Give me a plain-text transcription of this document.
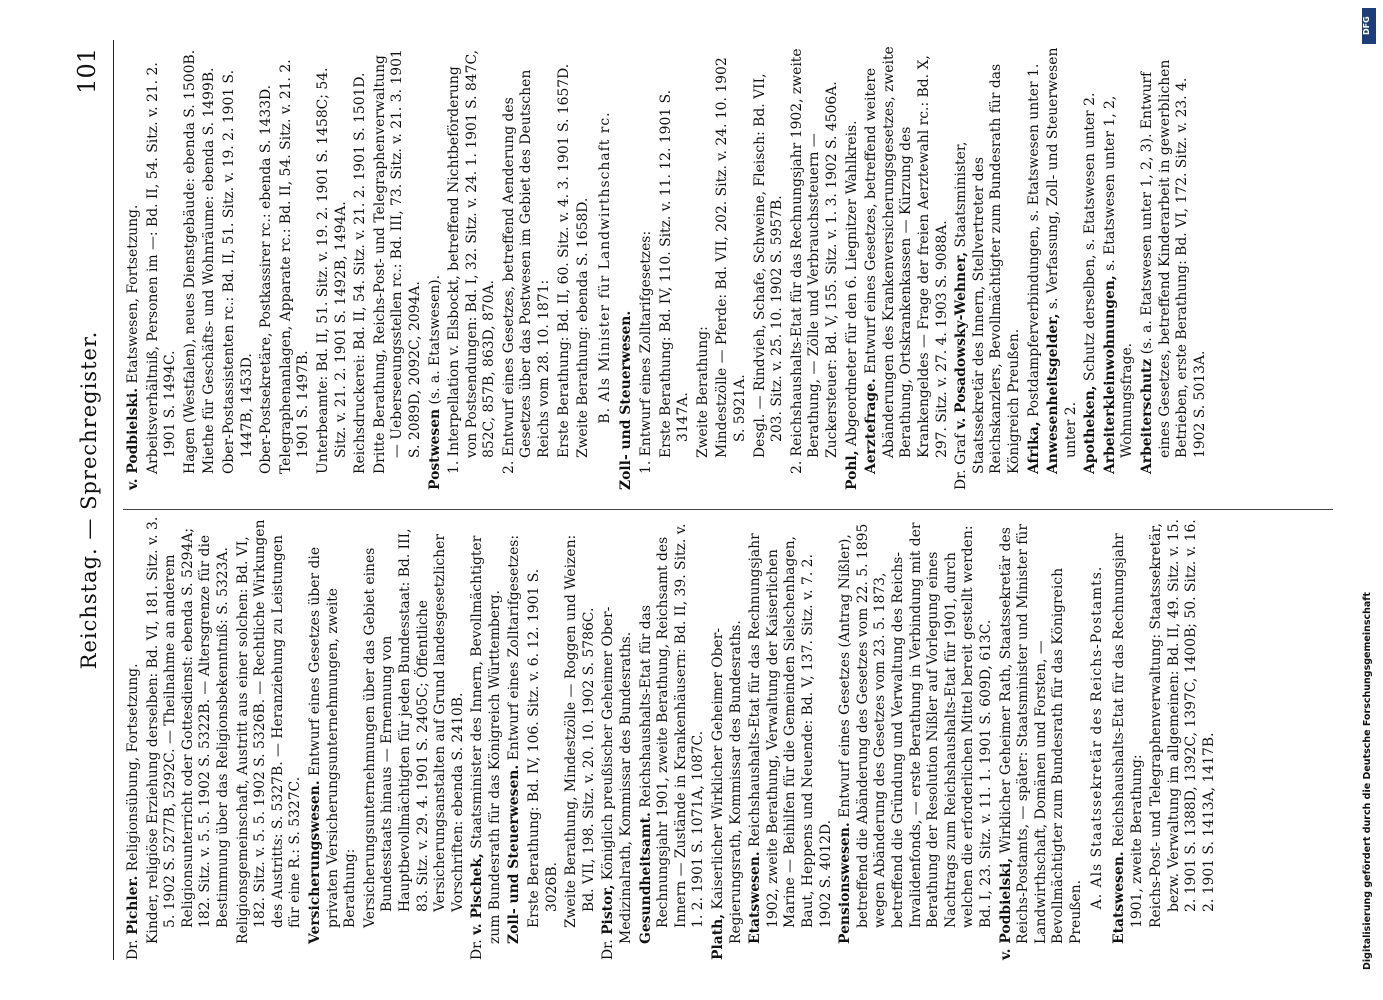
Reichstag. — Sprechregister.
101

Dr. Pichler. Religionsübung, Fortsetzung. Kinder, religiöse Erziehung derselben: Bd. VI, 181. Sitz. v. 3. 5. 1902 S. 5277B, 5292C. — Theilnahme an anderem Religionsunterricht oder Gottesdienst: ebenda S. 5294A; 182. Sitz. v. 5. 5. 1902 S. 5322B. — Altersgrenze für die Bestimmung über das Religionsbekenntniß: S. 5323A. Religionsgemeinschaft, Austritt aus einer solchen: Bd. VI, 182. Sitz. v. 5. 5. 1902 S. 5326B. — Rechtliche Wirkungen des Austritts: S. 5327B. — Heranziehung zu Leistungen für eine R.: S. 5327C. Versicherungswesen. Entwurf eines Gesetzes über die privaten Versicherungsunternehmungen, zweite Berathung: Versicherungsunternehmungen über das Gebiet eines Bundesstaats hinaus — Ernennung von Hauptbevollmächtigten für jeden Bundesstaat: Bd. III, 83. Sitz. v. 29. 4. 1901 S. 2405C; Öffentliche Versicherungsanstalten auf Grund landesgesetzlicher Vorschriften: ebenda S. 2410B.

Dr. v. Pischek, Staatsminister des Innern, Bevollmächtigter zum Bundesrath für das Königreich Württemberg. Zoll- und Steuerwesen. Entwurf eines Zolltarifgesetzes: Erste Berathung: Bd. IV, 106. Sitz. v. 6. 12. 1901 S. 3026B. Zweite Berathung, Mindestzölle — Roggen und Weizen: Bd. VII, 198. Sitz. v. 20. 10. 1902 S. 5786C.

Dr. Pistor, Königlich preußischer Geheimer Ober-Medizinalrath, Kommissar des Bundesraths. Gesundheitsamt. Reichshaushalts-Etat für das Rechnungsjahr 1901, zweite Berathung, Reichsamt des Innern — Zustände in Krankenhäusern: Bd. II, 39. Sitz. v. 1. 2. 1901 S. 1071A, 1087C.

Plath, Kaiserlicher Wirklicher Geheimer Ober-Regierungsrath, Kommissar des Bundesraths. Etatswesen. Reichshaushalts-Etat für das Rechnungsjahr 1902, zweite Berathung, Verwaltung der Kaiserlichen Marine — Beihilfen für die Gemeinden Sielschenhagen, Baut, Heppens und Neuende: Bd. V, 137. Sitz. v. 7. 2. 1902 S. 4012D. Pensionswesen. Entwurf eines Gesetzes (Antrag Nißler), betreffend die Abänderung des Gesetzes vom 22. 5. 1895 wegen Abänderung des Gesetzes vom 23. 5. 1873, betreffend die Gründung und Verwaltung des Reichs-Invalidenfonds, — erste Berathung in Verbindung mit der Berathung der Resolution Nißler auf Vorlegung eines Nachtrags zum Reichshaushalts-Etat für 1901, durch welchen die erforderlichen Mittel bereit gestellt werden: Bd. I, 23. Sitz. v. 11. 1. 1901 S. 609D, 613C. v. Podbielski, Wirklicher Geheimer Rath, Staatssekretär des Reichs-Postamts, — später: Staatsminister und Minister für Landwirthschaft, Domänen und Forsten, — Bevollmächtigter zum Bundesrath für das Königreich Preußen.

A. Als Staatssekretär des Reichs-Postamts. Etatswesen. Reichshaushalts-Etat für das Rechnungsjahr 1901, zweite Berathung: Reichs-Post- und Telegraphenverwaltung: Staatssekretär, bezw. Verwaltung im allgemeinen: Bd. II, 49. Sitz. v. 15. 2. 1901 S. 1388D, 1392C, 1397C, 1400B; 50. Sitz. v. 16. 2. 1901 S. 1413A, 1417B.

v. Podbielski. Etatswesen, Fortsetzung. Arbeitsverhältniß, Personen im —: Bd. II, 54. Sitz. v. 21. 2. 1901 S. 1494C. Hagen (Westfalen), neues Dienstgebäude: ebenda S. 1500B. Miethe für Geschäfts- und Wohnräume: ebenda S. 1499B. Ober-Postassistenten rc.: Bd. II, 51. Sitz. v. 19. 2. 1901 S. 1447B, 1453D. Ober-Postsekretäre, Postkassirer rc.: ebenda S. 1433D. Telegraphenanlagen, Apparate rc.: Bd. II, 54. Sitz. v. 21. 2. 1901 S. 1497B. Unterbeamte: Bd. II, 51. Sitz. v. 19. 2. 1901 S. 1458C; 54. Sitz. v. 21. 2. 1901 S. 1492B, 1494A. Reichsdruckerei: Bd. II, 54. Sitz. v. 21. 2. 1901 S. 1501D. Dritte Berathung, Reichs-Post- und Telegraphenverwaltung — Ueberseeungsstellen rc.: Bd. III, 73. Sitz. v. 21. 3. 1901 S. 2089D, 2092C, 2094A. Postwesen (s. a. Etatswesen). 1. Interpellation v. Elsbockt, betreffend Nichtbeförderung von Postsendungen: Bd. I, 32. Sitz. v. 24. 1. 1901 S. 847C, 852C, 857B, 863D, 870A. 2. Entwurf eines Gesetzes, betreffend Aenderung des Gesetzes über das Postwesen im Gebiet des Deutschen Reichs vom 28. 10. 1871: Erste Berathung: Bd. II, 60. Sitz. v. 4. 3. 1901 S. 1657D. Zweite Berathung: ebenda S. 1658D. B. Als Minister für Landwirthschaft rc. Zoll- und Steuerwesen. 1. Entwurf eines Zolltarifgesetzes: Erste Berathung: Bd. IV, 110. Sitz. v. 11. 12. 1901 S. 3147A. Zweite Berathung: Mindestzölle — Pferde: Bd. VII, 202. Sitz. v. 24. 10. 1902 S. 5921A. Desgl. — Rindvieh, Schafe, Schweine, Fleisch: Bd. VII, 203. Sitz. v. 25. 10. 1902 S. 5957B. 2. Reichshaushalts-Etat für das Rechnungsjahr 1902, zweite Berathung, — Zölle und Verbrauchssteuern — Zuckersteuer: Bd. V, 155. Sitz. v. 1. 3. 1902 S. 4506A.

Pohl, Abgeordneter für den 6. Liegnitzer Wahlkreis. Aerztefrage. Entwurf eines Gesetzes, betreffend weitere Abänderungen des Krankenversicherungsgesetzes, zweite Berathung, Ortskrankenkassen — Kürzung des Krankengeldes — Frage der freien Aerztewahl rc.: Bd. X, 297. Sitz. v. 27. 4. 1903 S. 9088A.

Dr. Graf v. Posadowsky-Wehner, Staatsminister, Staatssekretär des Innern, Stellvertreter des Reichskanzlers, Bevollmächtigter zum Bundesrath für das Königreich Preußen. Afrika, Postdampferverbindungen, s. Etatswesen unter 1. Anwesenheitsgelder, s. Verfassung, Zoll- und Steuerwesen unter 2. Apotheken, Schutz derselben, s. Etatswesen unter 2. Arbeiterkleinwohnungen, s. Etatswesen unter 1, 2, Wohnungsfrage. Arbeiterschutz (s. a. Etatswesen unter 1, 2, 3). Entwurf eines Gesetzes, betreffend Kinderarbeit in gewerblichen Betrieben, erste Berathung: Bd. VI, 172. Sitz. v. 23. 4. 1902 S. 5013A.

DFG
Digitalisierung gefördert durch die Deutsche Forschungsgemeinschaft
